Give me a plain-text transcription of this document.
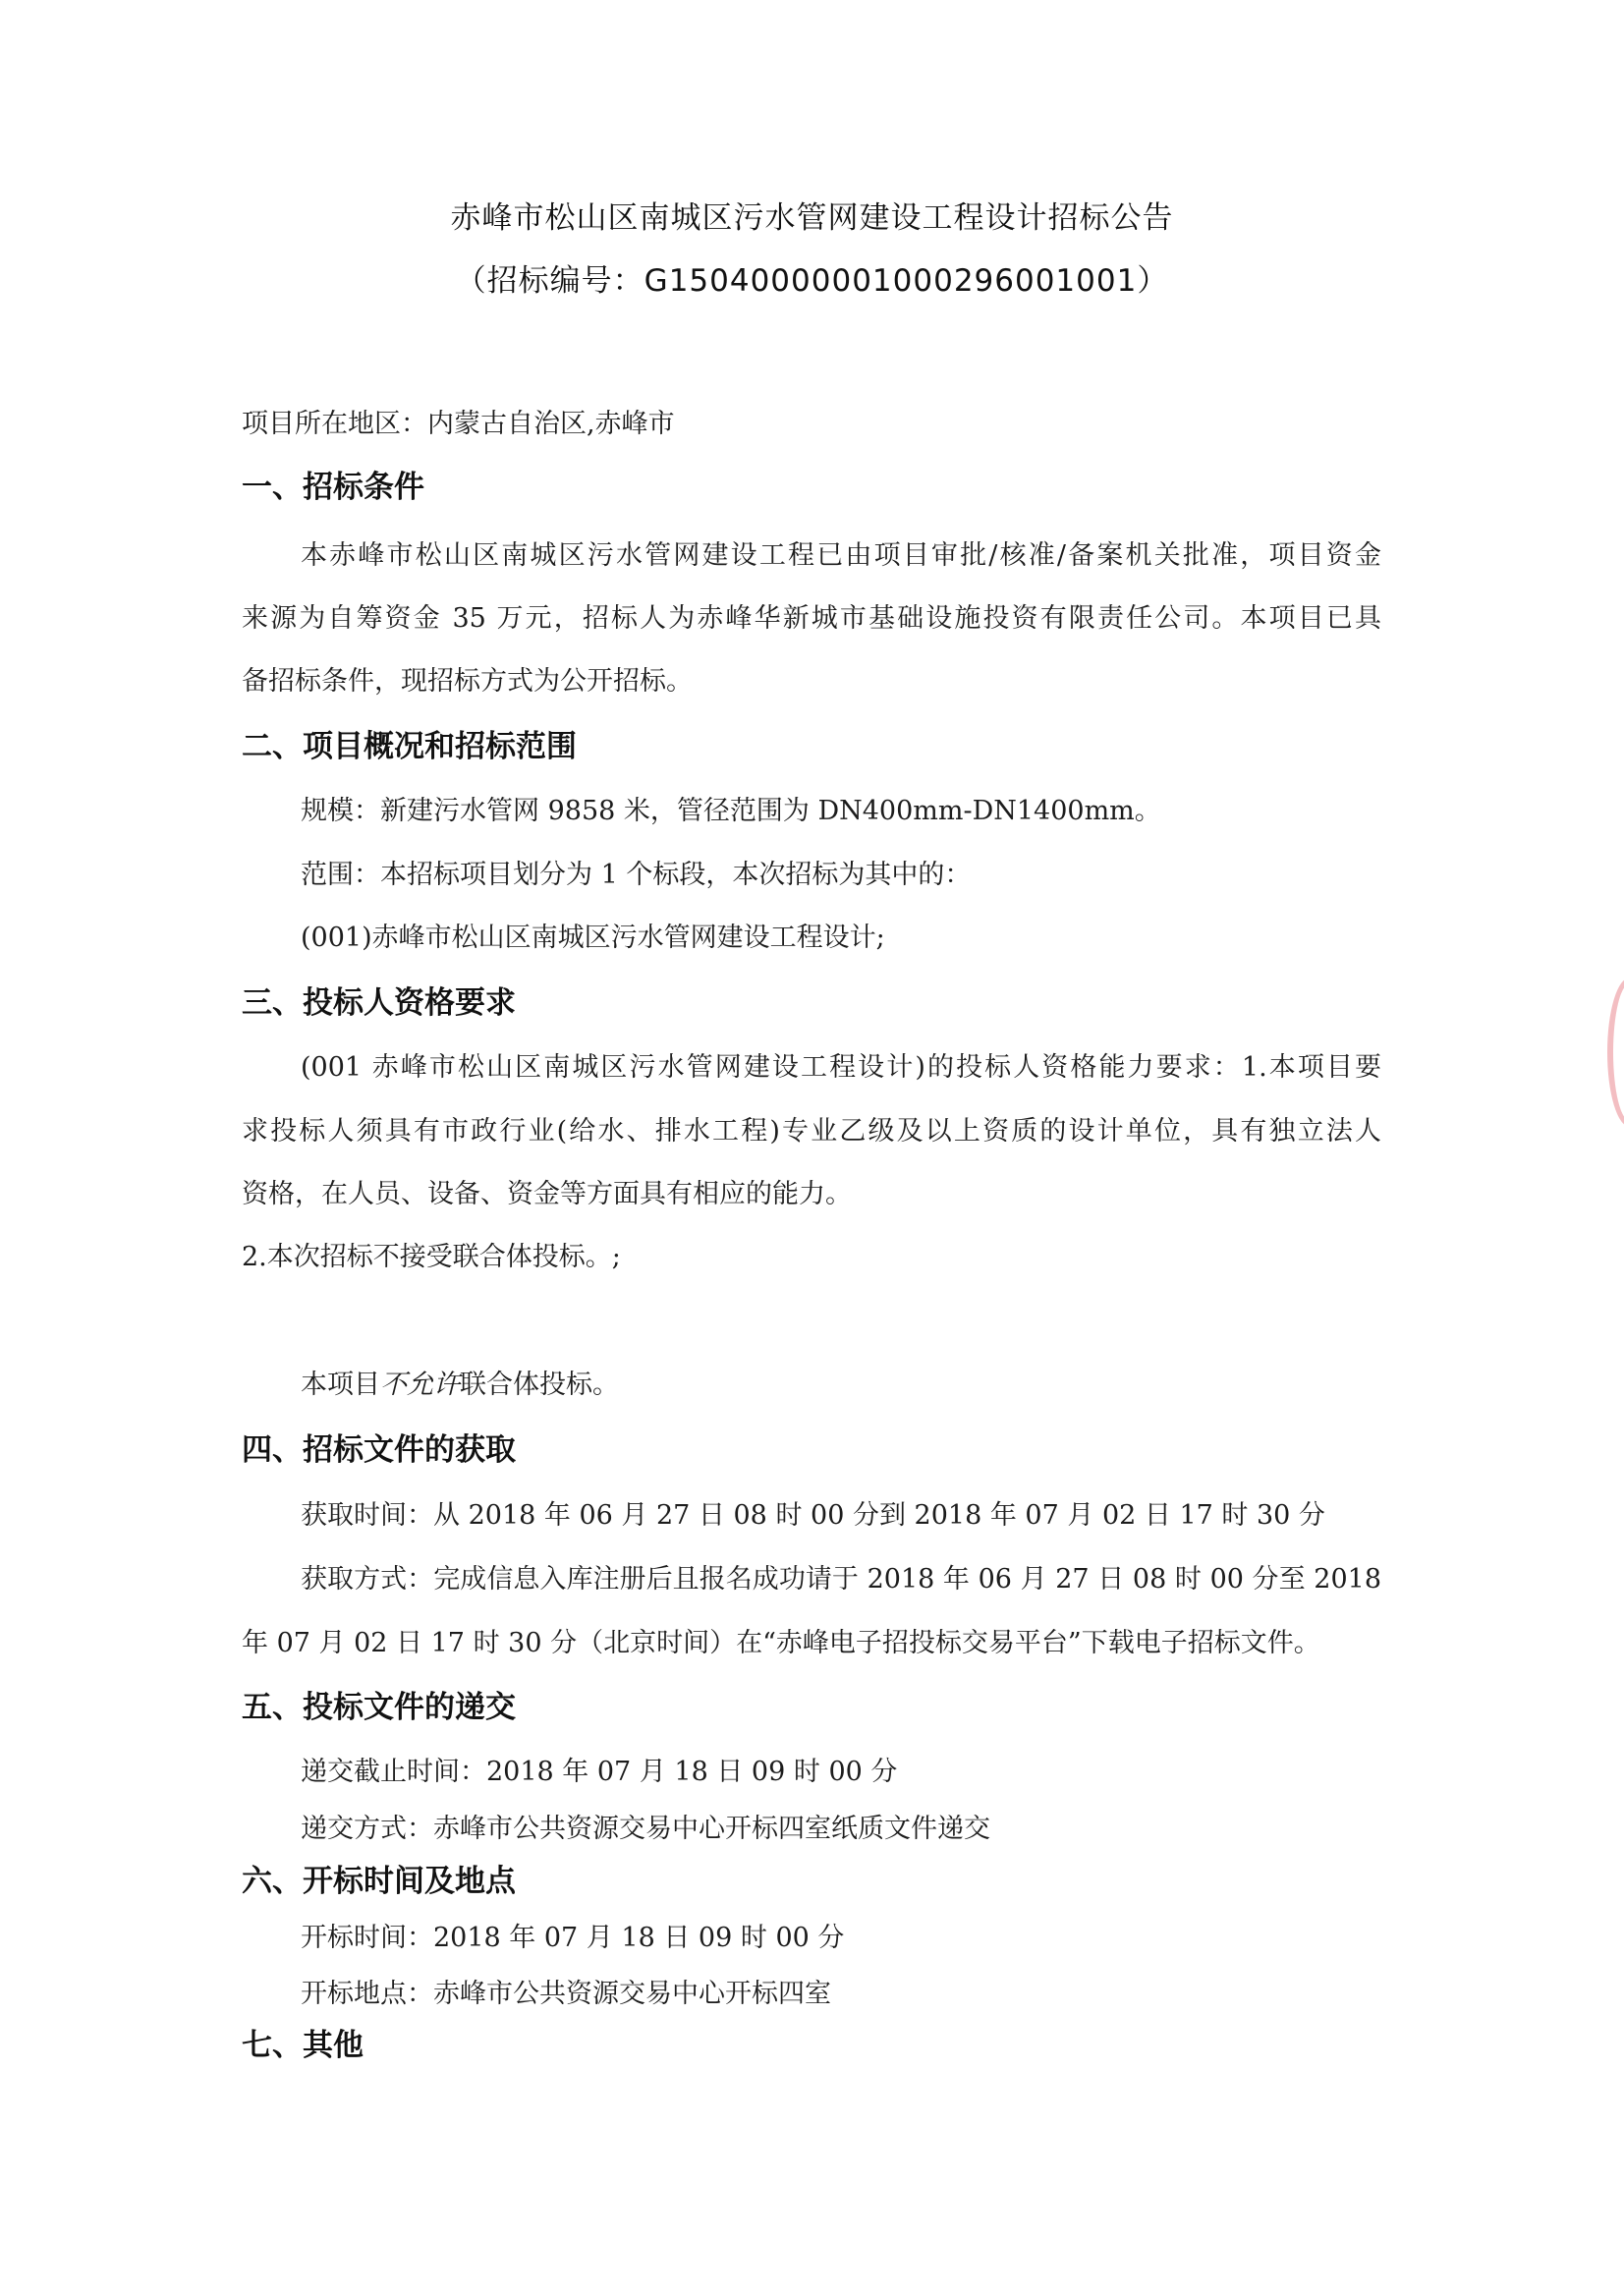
赤峰市松山区南城区污水管网建设工程设计招标公告
（招标编号：G15040000001000296001001）
项目所在地区：内蒙古自治区,赤峰市
一、招标条件
本赤峰市松山区南城区污水管网建设工程已由项目审批/核准/备案机关批准，项目资金
来源为自筹资金 35 万元，招标人为赤峰华新城市基础设施投资有限责任公司。本项目已具
备招标条件，现招标方式为公开招标。
二、项目概况和招标范围
规模：新建污水管网 9858 米，管径范围为 DN400mm-DN1400mm。
范围：本招标项目划分为 1 个标段，本次招标为其中的：
(001)赤峰市松山区南城区污水管网建设工程设计;
三、投标人资格要求
(001 赤峰市松山区南城区污水管网建设工程设计)的投标人资格能力要求：1.本项目要
求投标人须具有市政行业(给水、排水工程)专业乙级及以上资质的设计单位，具有独立法人
资格，在人员、设备、资金等方面具有相应的能力。
2.本次招标不接受联合体投标。;
本项目不允许联合体投标。
四、招标文件的获取
获取时间：从 2018 年 06 月 27 日 08 时 00 分到 2018 年 07 月 02 日 17 时 30 分
获取方式：完成信息入库注册后且报名成功请于 2018 年 06 月 27 日 08 时 00 分至 2018
年 07 月 02 日 17 时 30 分（北京时间）在“赤峰电子招投标交易平台”下载电子招标文件。
五、投标文件的递交
递交截止时间：2018 年 07 月 18 日 09 时 00 分
递交方式：赤峰市公共资源交易中心开标四室纸质文件递交
六、开标时间及地点
开标时间：2018 年 07 月 18 日 09 时 00 分
开标地点：赤峰市公共资源交易中心开标四室
七、其他
